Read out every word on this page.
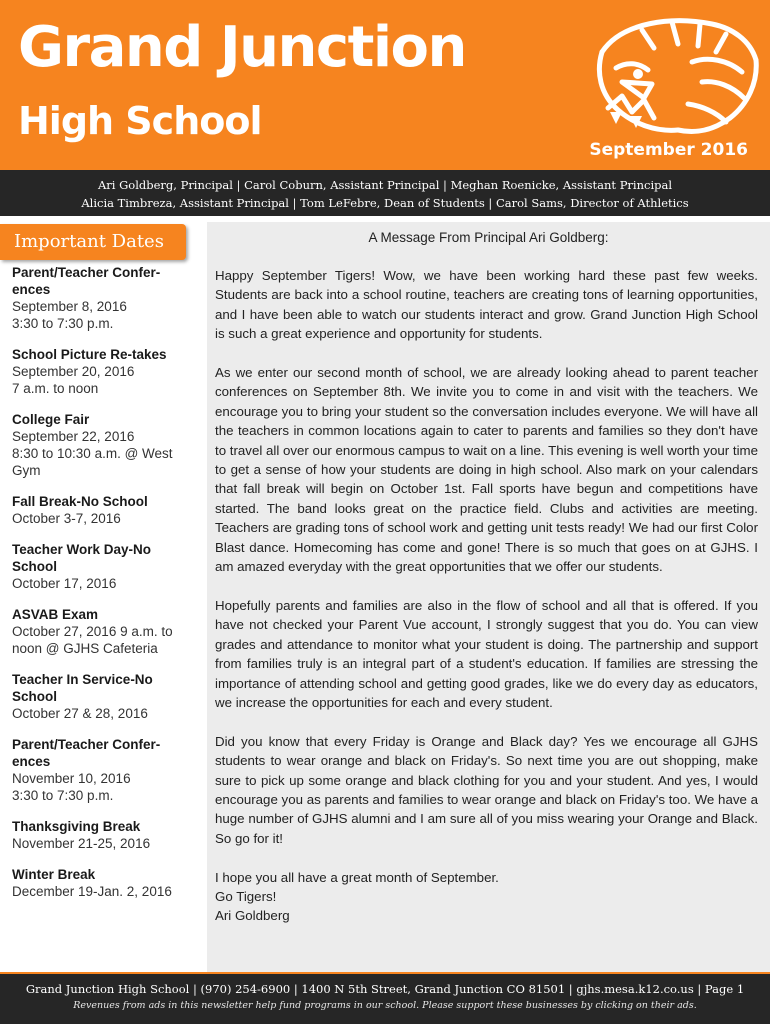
Grand Junction
High School
September 2016
Ari Goldberg, Principal | Carol Coburn, Assistant Principal | Meghan Roenicke, Assistant Principal
Alicia Timbreza, Assistant Principal | Tom LeFebre, Dean of Students | Carol Sams, Director of Athletics
Important Dates
Parent/Teacher Confer-
ences
September 8, 2016
3:30 to 7:30 p.m.
School Picture Re-takes
September 20, 2016
7 a.m. to noon
College Fair
September 22, 2016
8:30 to 10:30 a.m. @ West
Gym
Fall Break-No School
October 3-7, 2016
Teacher Work Day-No
School
October 17, 2016
ASVAB Exam
October 27, 2016 9 a.m. to
noon @ GJHS Cafeteria
Teacher In Service-No
School
October 27 & 28, 2016
Parent/Teacher Confer-
ences
November 10, 2016
3:30 to 7:30 p.m.
Thanksgiving Break
November 21-25, 2016
Winter Break
December 19-Jan. 2, 2016
A Message From Principal Ari Goldberg:

Happy September Tigers! Wow, we have been working hard these past few weeks. Students are back into a school routine, teachers are creating tons of learning opportunities, and I have been able to watch our students interact and grow. Grand Junction High School is such a great experience and opportunity for students.

As we enter our second month of school, we are already looking ahead to parent teacher conferences on September 8th. We invite you to come in and visit with the teachers. We encourage you to bring your student so the conversation includes everyone. We will have all the teachers in common locations again to cater to parents and families so they don't have to travel all over our enormous campus to wait on a line. This evening is well worth your time to get a sense of how your students are doing in high school. Also mark on your calendars that fall break will begin on October 1st. Fall sports have begun and competitions have started. The band looks great on the practice field. Clubs and activities are meeting. Teachers are grading tons of school work and getting unit tests ready! We had our first Color Blast dance. Homecoming has come and gone! There is so much that goes on at GJHS. I am amazed everyday with the great opportunities that we offer our students.

Hopefully parents and families are also in the flow of school and all that is offered. If you have not checked your Parent Vue account, I strongly suggest that you do. You can view grades and attendance to monitor what your student is doing. The partnership and support from families truly is an integral part of a student's education. If families are stressing the importance of attending school and getting good grades, like we do every day as educators, we increase the opportunities for each and every student.

Did you know that every Friday is Orange and Black day? Yes we encourage all GJHS students to wear orange and black on Friday's. So next time you are out shopping, make sure to pick up some orange and black clothing for you and your student. And yes, I would encourage you as parents and families to wear orange and black on Friday's too. We have a huge number of GJHS alumni and I am sure all of you miss wearing your Orange and Black. So go for it!

I hope you all have a great month of September.
Go Tigers!
Ari Goldberg

Grand Junction High School | (970) 254-6900 | 1400 N 5th Street, Grand Junction CO 81501 | gjhs.mesa.k12.co.us | Page 1
Revenues from ads in this newsletter help fund programs in our school. Please support these businesses by clicking on their ads.
